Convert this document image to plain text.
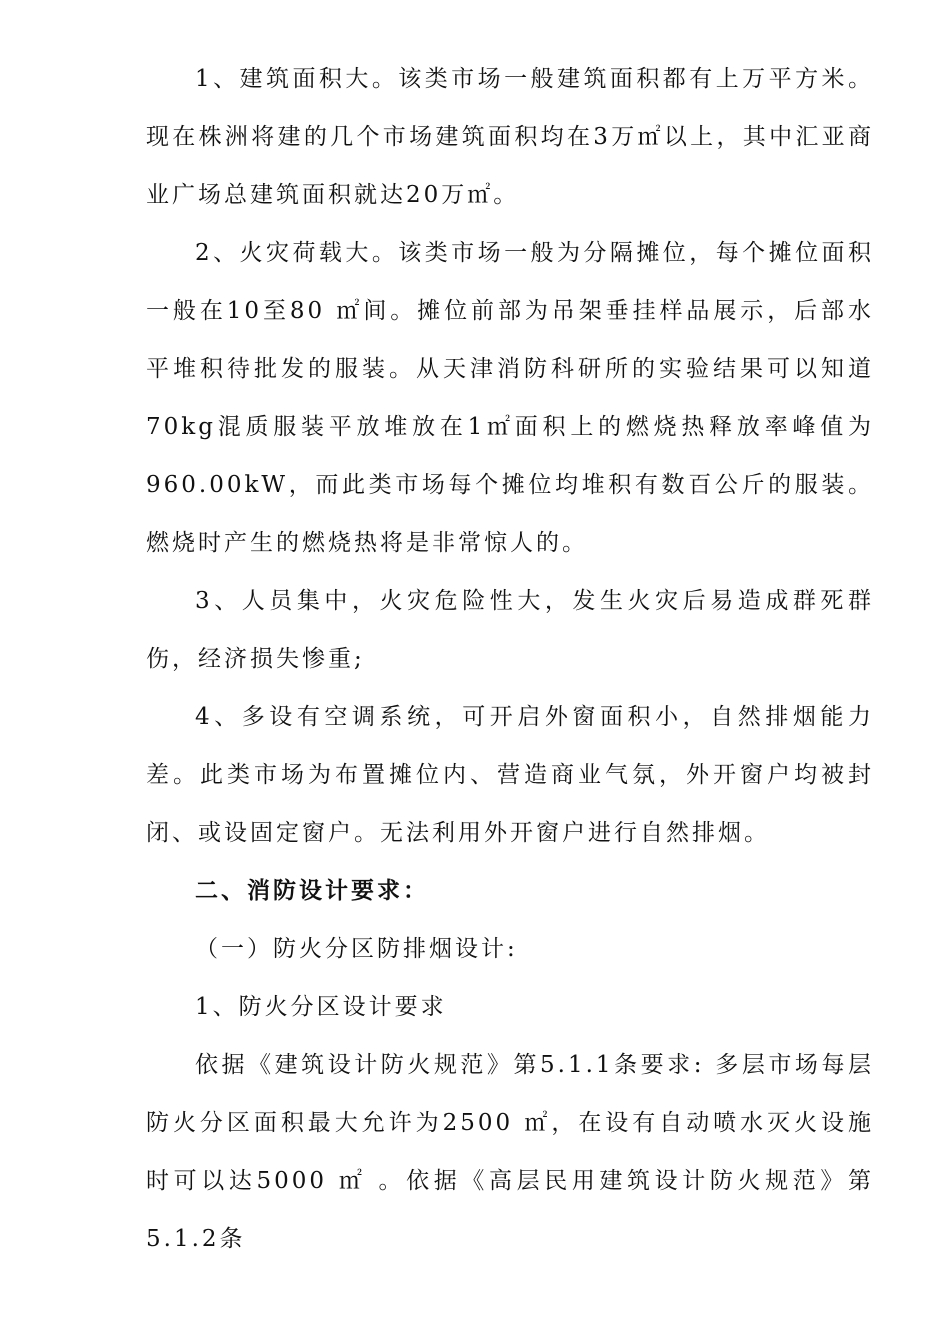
1、建筑面积大。该类市场一般建筑面积都有上万平方米。现在株洲将建的几个市场建筑面积均在3万㎡以上，其中汇亚商业广场总建筑面积就达20万㎡。

2、火灾荷载大。该类市场一般为分隔摊位，每个摊位面积一般在10至80 ㎡间。摊位前部为吊架垂挂样品展示，后部水平堆积待批发的服装。从天津消防科研所的实验结果可以知道70kg混质服装平放堆放在1㎡面积上的燃烧热释放率峰值为960.00kW，而此类市场每个摊位均堆积有数百公斤的服装。燃烧时产生的燃烧热将是非常惊人的。

3、人员集中，火灾危险性大，发生火灾后易造成群死群伤，经济损失惨重;

4、多设有空调系统，可开启外窗面积小，自然排烟能力差。此类市场为布置摊位内、营造商业气氛，外开窗户均被封闭、或设固定窗户。无法利用外开窗户进行自然排烟。

二、消防设计要求：

（一）防火分区防排烟设计:

1、防火分区设计要求

依据《建筑设计防火规范》第5.1.1条要求: 多层市场每层防火分区面积最大允许为2500 ㎡，在设有自动喷水灭火设施时可以达5000 ㎡ 。依据《高层民用建筑设计防火规范》第5.1.2条
